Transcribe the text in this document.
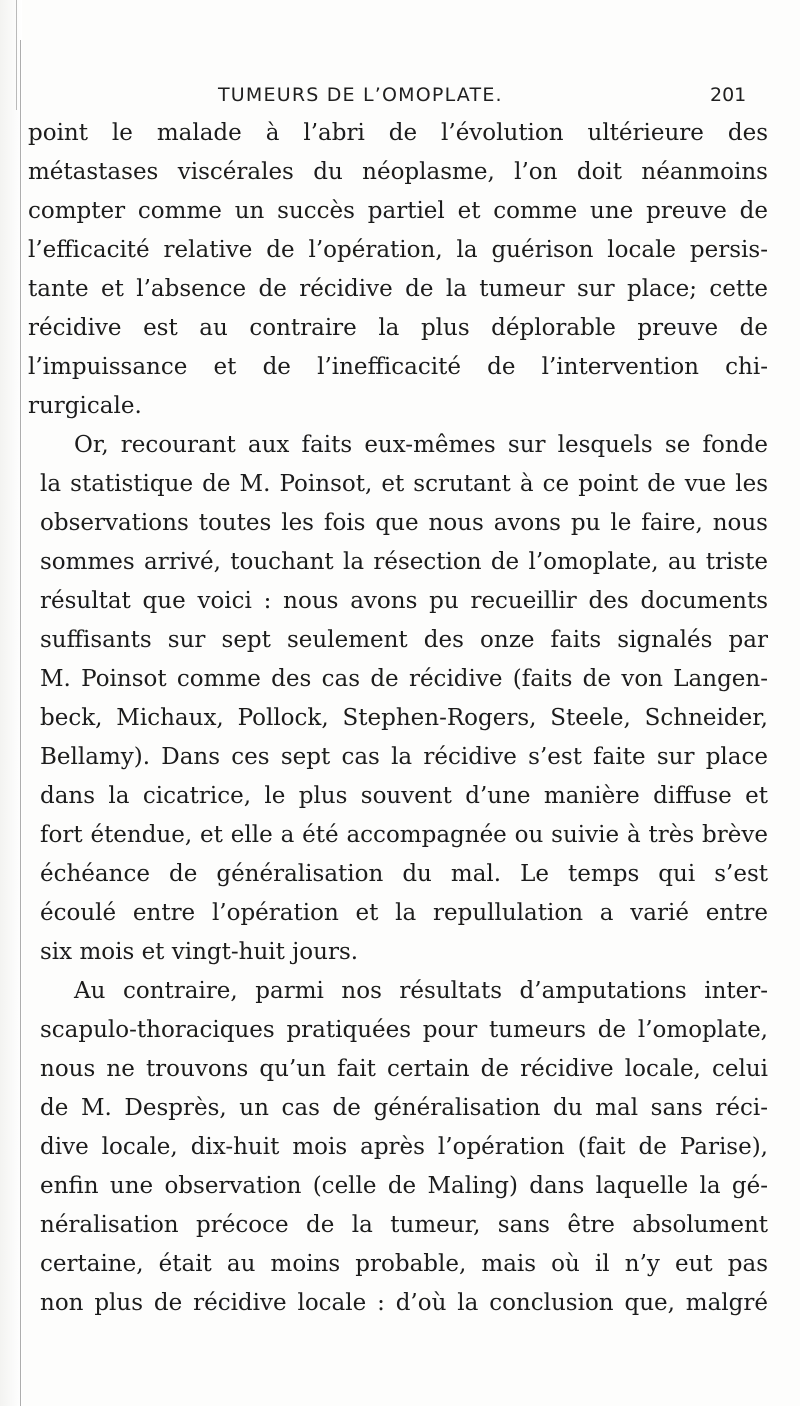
TUMEURS DE L’OMOPLATE.	201
point le malade à l’abri de l’évolution ultérieure des
métastases viscérales du néoplasme, l’on doit néanmoins
compter comme un succès partiel et comme une preuve de
l’efficacité relative de l’opération, la guérison locale persis-
tante et l’absence de récidive de la tumeur sur place; cette
récidive est au contraire la plus déplorable preuve de
l’impuissance et de l’inefficacité de l’intervention chi-
rurgicale.
Or, recourant aux faits eux-mêmes sur lesquels se fonde
la statistique de M. Poinsot, et scrutant à ce point de vue les
observations toutes les fois que nous avons pu le faire, nous
sommes arrivé, touchant la résection de l’omoplate, au triste
résultat que voici : nous avons pu recueillir des documents
suffisants sur sept seulement des onze faits signalés par
M. Poinsot comme des cas de récidive (faits de von Langen-
beck, Michaux, Pollock, Stephen-Rogers, Steele, Schneider,
Bellamy). Dans ces sept cas la récidive s’est faite sur place
dans la cicatrice, le plus souvent d’une manière diffuse et
fort étendue, et elle a été accompagnée ou suivie à très brève
échéance de généralisation du mal. Le temps qui s’est
écoulé entre l’opération et la repullulation a varié entre
six mois et vingt-huit jours.
Au contraire, parmi nos résultats d’amputations inter-
scapulo-thoraciques pratiquées pour tumeurs de l’omoplate,
nous ne trouvons qu’un fait certain de récidive locale, celui
de M. Desprès, un cas de généralisation du mal sans réci-
dive locale, dix-huit mois après l’opération (fait de Parise),
enfin une observation (celle de Maling) dans laquelle la gé-
néralisation précoce de la tumeur, sans être absolument
certaine, était au moins probable, mais où il n’y eut pas
non plus de récidive locale : d’où la conclusion que, malgré
